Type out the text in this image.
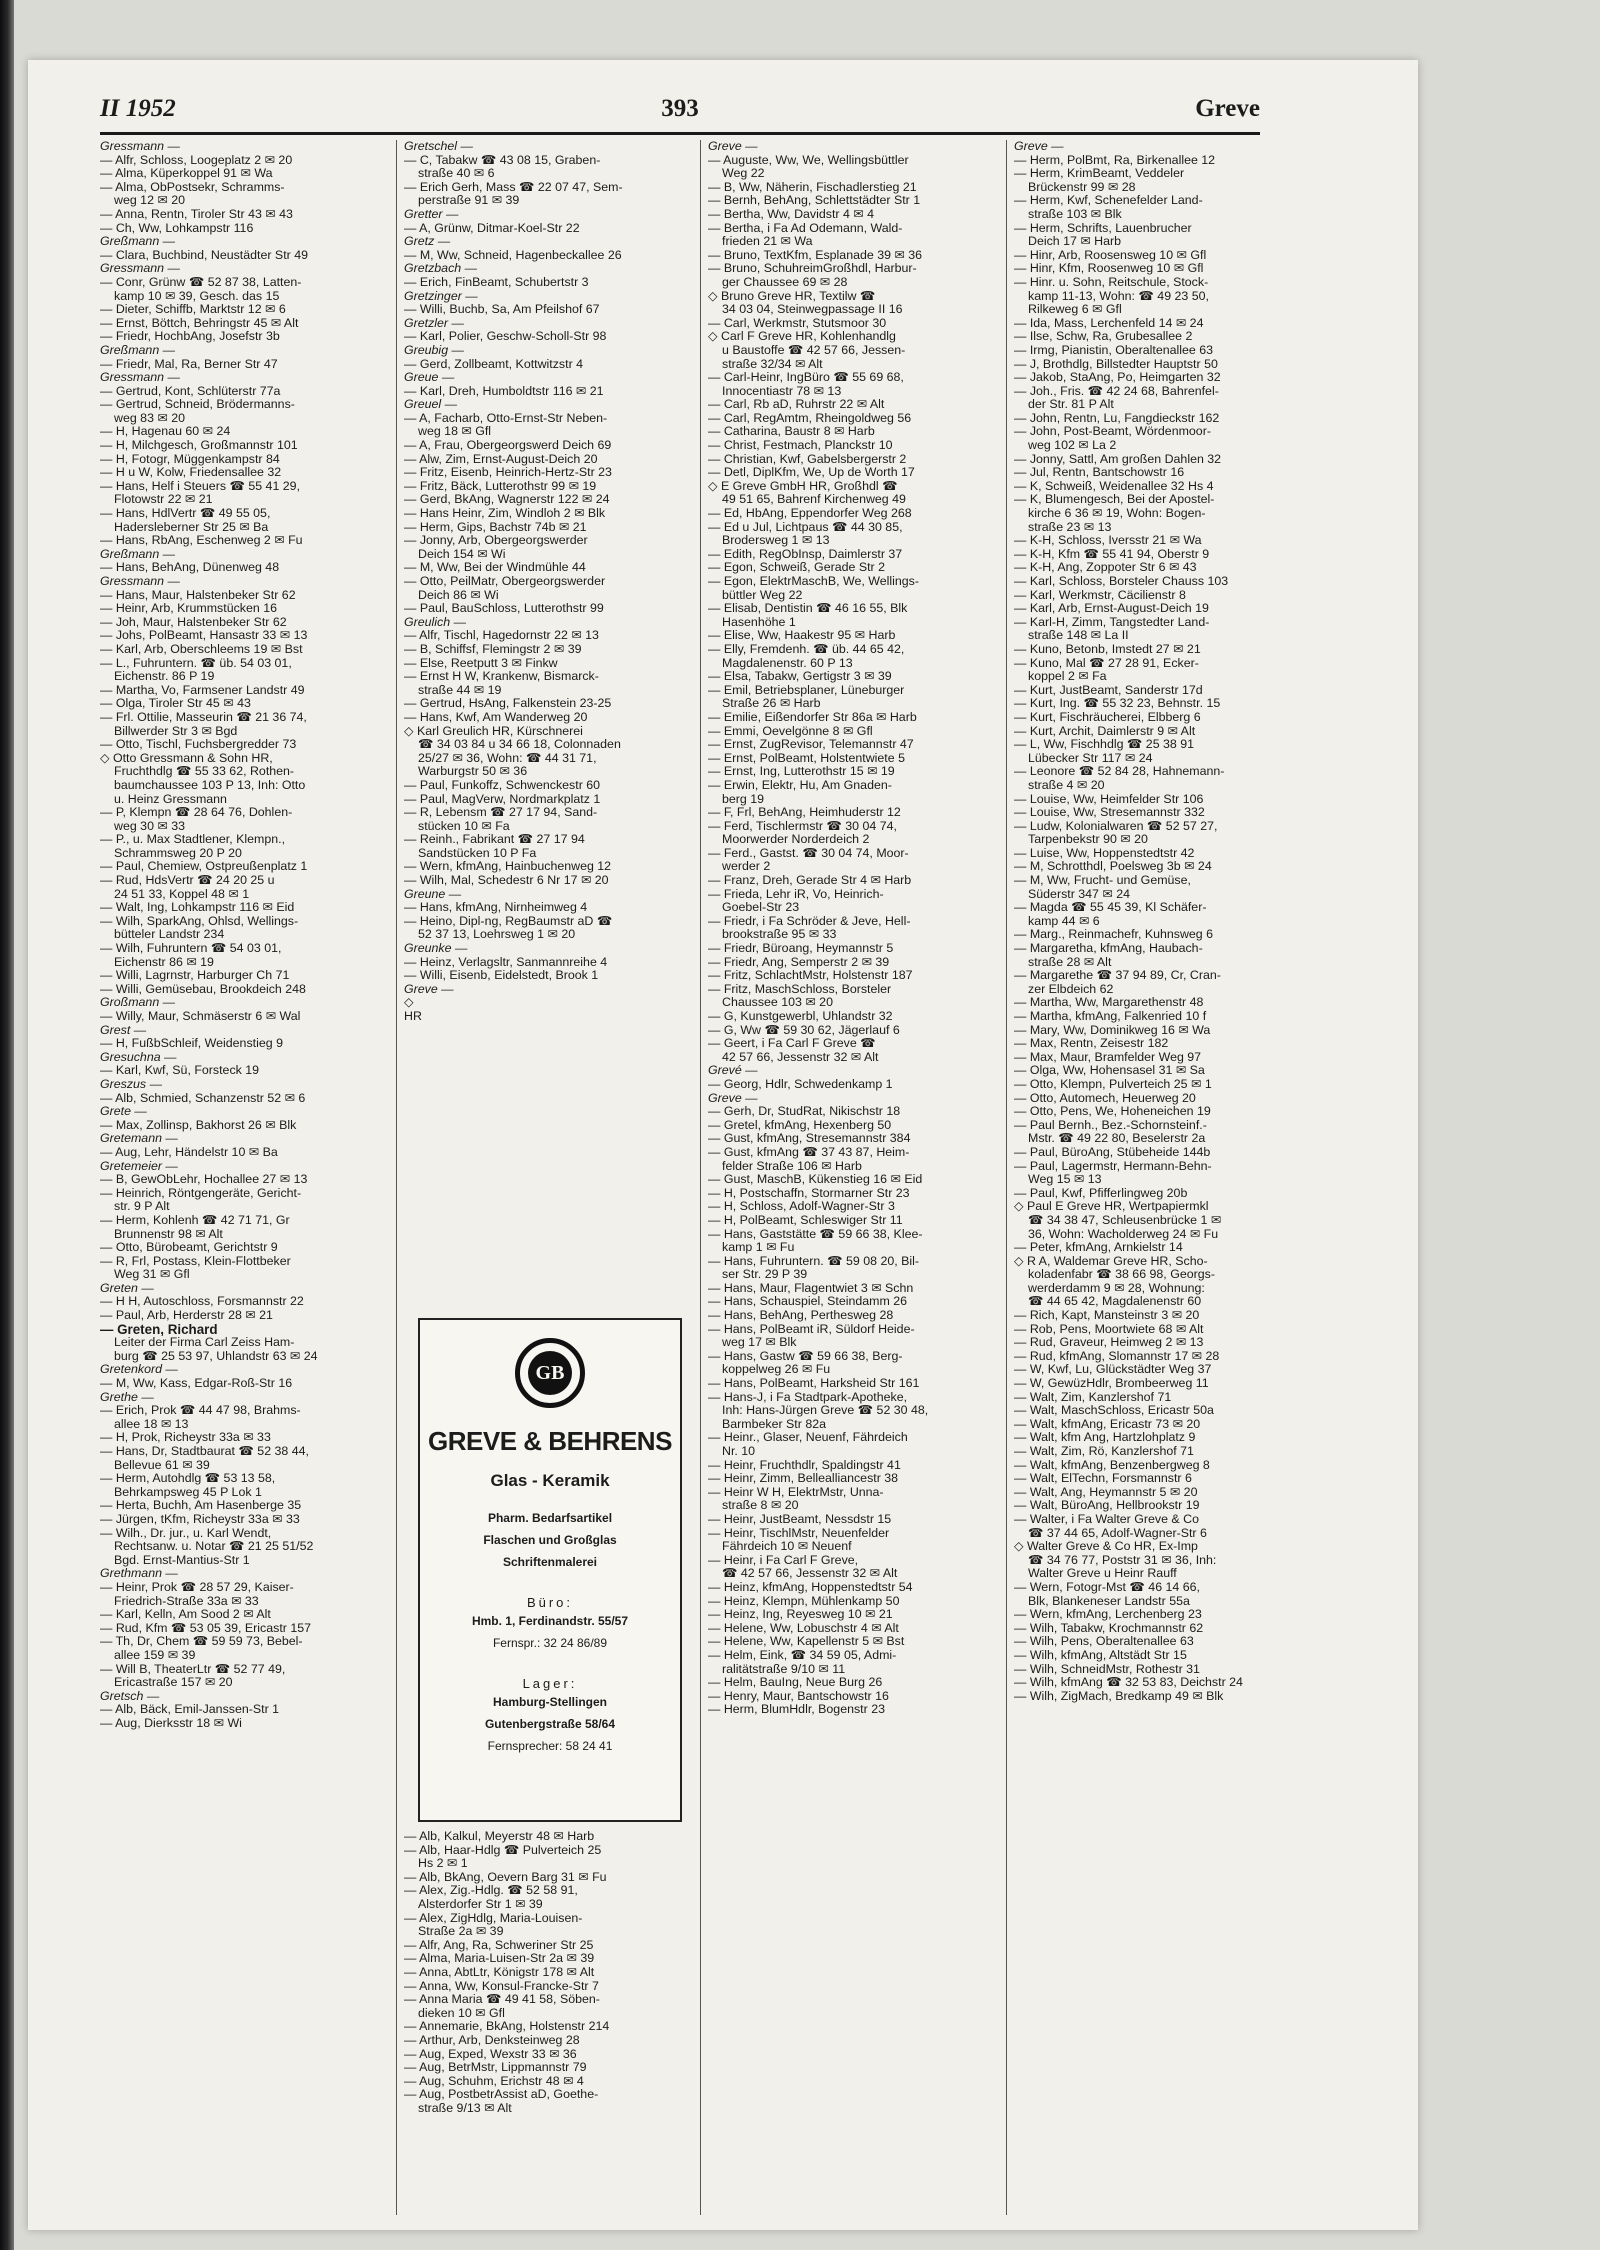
II 1952	393	Greve
Gressmann —
— Alfr, Schloss, Loogeplatz 2 ✉ 20
— Alma, Küperkoppel 91 ✉ Wa
— Alma, ObPostsekr, Schramms-
weg 12 ✉ 20
— Anna, Rentn, Tiroler Str 43 ✉ 43
— Ch, Ww, Lohkampstr 116
Greßmann —
— Clara, Buchbind, Neustädter Str 49
Gressmann —
— Conr, Grünw ☎ 52 87 38, Latten-
kamp 10 ✉ 39, Gesch. das 15
— Dieter, Schiffb, Marktstr 12 ✉ 6
— Ernst, Böttch, Behringstr 45 ✉ Alt
— Friedr, HochbAng, Josefstr 3b
Greßmann —
— Friedr, Mal, Ra, Berner Str 47
Gressmann —
— Gertrud, Kont, Schlüterstr 77a
— Gertrud, Schneid, Brödermanns-
weg 83 ✉ 20
— H, Hagenau 60 ✉ 24
— H, Milchgesch, Großmannstr 101
— H, Fotogr, Müggenkampstr 84
— H u W, Kolw, Friedensallee 32
— Hans, Helf i Steuers ☎ 55 41 29,
Flotowstr 22 ✉ 21
— Hans, HdlVertr ☎ 49 55 05,
Hadersleberner Str 25 ✉ Ba
— Hans, RbAng, Eschenweg 2 ✉ Fu
Greßmann —
— Hans, BehAng, Dünenweg 48
Gressmann —
— Hans, Maur, Halstenbeker Str 62
— Heinr, Arb, Krummstücken 16
— Joh, Maur, Halstenbeker Str 62
— Johs, PolBeamt, Hansastr 33 ✉ 13
— Karl, Arb, Oberschleems 19 ✉ Bst
— L., Fuhruntern. ☎ üb. 54 03 01,
Eichenstr. 86 P 19
— Martha, Vo, Farmsener Landstr 49
— Olga, Tiroler Str 45 ✉ 43
— Frl. Ottilie, Masseurin ☎ 21 36 74,
Billwerder Str 3 ✉ Bgd
— Otto, Tischl, Fuchsbergredder 73
◇ Otto Gressmann & Sohn HR,
Fruchthdlg ☎ 55 33 62, Rothen-
baumchaussee 103 P 13, Inh: Otto
u. Heinz Gressmann
— P, Klempn ☎ 28 64 76, Dohlen-
weg 30 ✉ 33
— P., u. Max Stadtlener, Klempn.,
Schrammsweg 20 P 20
— Paul, Chemiew, Ostpreußenplatz 1
— Rud, HdsVertr ☎ 24 20 25 u
24 51 33, Koppel 48 ✉ 1
— Walt, Ing, Lohkampstr 116 ✉ Eid
— Wilh, SparkAng, Ohlsd, Wellings-
bütteler Landstr 234
— Wilh, Fuhruntern ☎ 54 03 01,
Eichenstr 86 ✉ 19
— Willi, Lagrnstr, Harburger Ch 71
— Willi, Gemüsebau, Brookdeich 248
Großmann —
— Willy, Maur, Schmäserstr 6 ✉ Wal
Grest —
— H, FußbSchleif, Weidenstieg 9
Gresuchna —
— Karl, Kwf, Sü, Forsteck 19
Greszus —
— Alb, Schmied, Schanzenstr 52 ✉ 6
Grete —
— Max, Zollinsp, Bakhorst 26 ✉ Blk
Gretemann —
— Aug, Lehr, Händelstr 10 ✉ Ba
Gretemeier —
— B, GewObLehr, Hochallee 27 ✉ 13
— Heinrich, Röntgengeräte, Gericht-
str. 9 P Alt
— Herm, Kohlenh ☎ 42 71 71, Gr
Brunnenstr 98 ✉ Alt
— Otto, Bürobeamt, Gerichtstr 9
— R, Frl, Postass, Klein-Flottbeker
Weg 31 ✉ Gfl
Greten —
— H H, Autoschloss, Forsmannstr 22
— Paul, Arb, Herderstr 28 ✉ 21
— Greten, Richard
Leiter der Firma Carl Zeiss Ham-
burg ☎ 25 53 97, Uhlandstr 63 ✉ 24
Gretenkord —
— M, Ww, Kass, Edgar-Roß-Str 16
Grethe —
— Erich, Prok ☎ 44 47 98, Brahms-
allee 18 ✉ 13
— H, Prok, Richeystr 33a ✉ 33
— Hans, Dr, Stadtbaurat ☎ 52 38 44,
Bellevue 61 ✉ 39
— Herm, Autohdlg ☎ 53 13 58,
Behrkampsweg 45 P Lok 1
— Herta, Buchh, Am Hasenberge 35
— Jürgen, tKfm, Richeystr 33a ✉ 33
— Wilh., Dr. jur., u. Karl Wendt,
Rechtsanw. u. Notar ☎ 21 25 51/52
Bgd. Ernst-Mantius-Str 1
Grethmann —
— Heinr, Prok ☎ 28 57 29, Kaiser-
Friedrich-Straße 33a ✉ 33
— Karl, Kelln, Am Sood 2 ✉ Alt
— Rud, Kfm ☎ 53 05 39, Ericastr 157
— Th, Dr, Chem ☎ 59 59 73, Bebel-
allee 159 ✉ 39
— Will B, TheaterLtr ☎ 52 77 49,
Ericastraße 157 ✉ 20
Gretsch —
— Alb, Bäck, Emil-Janssen-Str 1
— Aug, Dierksstr 18 ✉ Wi
Gretschel —
— C, Tabakw ☎ 43 08 15, Graben-
straße 40 ✉ 6
— Erich Gerh, Mass ☎ 22 07 47, Sem-
perstraße 91 ✉ 39
Gretter —
— A, Grünw, Ditmar-Koel-Str 22
Gretz —
— M, Ww, Schneid, Hagenbeckallee 26
Gretzbach —
— Erich, FinBeamt, Schubertstr 3
Gretzinger —
— Willi, Buchb, Sa, Am Pfeilshof 67
Gretzler —
— Karl, Polier, Geschw-Scholl-Str 98
Greubig —
— Gerd, Zollbeamt, Kottwitzstr 4
Greue —
— Karl, Dreh, Humboldtstr 116 ✉ 21
Greuel —
— A, Facharb, Otto-Ernst-Str Neben-
weg 18 ✉ Gfl
— A, Frau, Obergeorgswerd Deich 69
— Alw, Zim, Ernst-August-Deich 20
— Fritz, Eisenb, Heinrich-Hertz-Str 23
— Fritz, Bäck, Lutterothstr 99 ✉ 19
— Gerd, BkAng, Wagnerstr 122 ✉ 24
— Hans Heinr, Zim, Windloh 2 ✉ Blk
— Herm, Gips, Bachstr 74b ✉ 21
— Jonny, Arb, Obergeorgswerder
Deich 154 ✉ Wi
— M, Ww, Bei der Windmühle 44
— Otto, PeilMatr, Obergeorgswerder
Deich 86 ✉ Wi
— Paul, BauSchloss, Lutterothstr 99
Greulich —
— Alfr, Tischl, Hagedornstr 22 ✉ 13
— B, Schiffsf, Flemingstr 2 ✉ 39
— Else, Reetputt 3 ✉ Finkw
— Ernst H W, Krankenw, Bismarck-
straße 44 ✉ 19
— Gertrud, HsAng, Falkenstein 23-25
— Hans, Kwf, Am Wanderweg 20
◇ Karl Greulich HR, Kürschnerei
☎ 34 03 84 u 34 66 18, Colonnaden
25/27 ✉ 36, Wohn: ☎ 44 31 71,
Warburgstr 50 ✉ 36
— Paul, Funkoffz, Schwenckestr 60
— Paul, MagVerw, Nordmarkplatz 1
— R, Lebensm ☎ 27 17 94, Sand-
stücken 10 ✉ Fa
— Reinh., Fabrikant ☎ 27 17 94
Sandstücken 10 P Fa
— Wern, kfmAng, Hainbuchenweg 12
— Wilh, Mal, Schedestr 6 Nr 17 ✉ 20
Greune —
— Hans, kfmAng, Nirnheimweg 4
— Heino, Dipl-ng, RegBaumstr aD ☎
52 37 13, Loehrsweg 1 ✉ 20
Greunke —
— Heinz, Verlagsltr, Sanmannreihe 4
— Willi, Eisenb, Eidelstedt, Brook 1
Greve —
◇
HR
Greve —
— Auguste, Ww, We, Wellingsbüttler
Weg 22
— B, Ww, Näherin, Fischadlerstieg 21
— Bernh, BehAng, Schlettstädter Str 1
— Bertha, Ww, Davidstr 4 ✉ 4
— Bertha, i Fa Ad Odemann, Wald-
frieden 21 ✉ Wa
— Bruno, TextKfm, Esplanade 39 ✉ 36
— Bruno, SchuhreimGroßhdl, Harbur-
ger Chaussee 69 ✉ 28
◇ Bruno Greve HR, Textilw ☎
34 03 04, Steinwegpassage II 16
— Carl, Werkmstr, Stutsmoor 30
◇ Carl F Greve HR, Kohlenhandlg
u Baustoffe ☎ 42 57 66, Jessen-
straße 32/34 ✉ Alt
— Carl-Heinr, IngBüro ☎ 55 69 68,
Innocentiastr 78 ✉ 13
— Carl, Rb aD, Ruhrstr 22 ✉ Alt
— Carl, RegAmtm, Rheingoldweg 56
— Catharina, Baustr 8 ✉ Harb
— Christ, Festmach, Planckstr 10
— Christian, Kwf, Gabelsbergerstr 2
— Detl, DiplKfm, We, Up de Worth 17
◇ E Greve GmbH HR, Großhdl ☎
49 51 65, Bahrenf Kirchenweg 49
— Ed, HbAng, Eppendorfer Weg 268
— Ed u Jul, Lichtpaus ☎ 44 30 85,
Brodersweg 1 ✉ 13
— Edith, RegObInsp, Daimlerstr 37
— Egon, Schweiß, Gerade Str 2
— Egon, ElektrMaschB, We, Wellings-
büttler Weg 22
— Elisab, Dentistin ☎ 46 16 55, Blk
Hasenhöhe 1
— Elise, Ww, Haakestr 95 ✉ Harb
— Elly, Fremdenh. ☎ üb. 44 65 42,
Magdalenenstr. 60 P 13
— Elsa, Tabakw, Gertigstr 3 ✉ 39
— Emil, Betriebsplaner, Lüneburger
Straße 26 ✉ Harb
— Emilie, Eißendorfer Str 86a ✉ Harb
— Emmi, Oevelgönne 8 ✉ Gfl
— Ernst, ZugRevisor, Telemannstr 47
— Ernst, PolBeamt, Holstentwiete 5
— Ernst, Ing, Lutterothstr 15 ✉ 19
— Erwin, Elektr, Hu, Am Gnaden-
berg 19
— F, Frl, BehAng, Heimhuderstr 12
— Ferd, Tischlermstr ☎ 30 04 74,
Moorwerder Norderdeich 2
— Ferd., Gastst. ☎ 30 04 74, Moor-
werder 2
— Franz, Dreh, Gerade Str 4 ✉ Harb
— Frieda, Lehr iR, Vo, Heinrich-
Goebel-Str 23
— Friedr, i Fa Schröder & Jeve, Hell-
brookstraße 95 ✉ 33
— Friedr, Büroang, Heymannstr 5
— Friedr, Ang, Semperstr 2 ✉ 39
— Fritz, SchlachtMstr, Holstenstr 187
— Fritz, MaschSchloss, Borsteler
Chaussee 103 ✉ 20
— G, Kunstgewerbl, Uhlandstr 32
— G, Ww ☎ 59 30 62, Jägerlauf 6
— Geert, i Fa Carl F Greve ☎
42 57 66, Jessenstr 32 ✉ Alt
Grevé —
— Georg, Hdlr, Schwedenkamp 1
Greve —
— Gerh, Dr, StudRat, Nikischstr 18
— Gretel, kfmAng, Hexenberg 50
— Gust, kfmAng, Stresemannstr 384
— Gust, kfmAng ☎ 37 43 87, Heim-
felder Straße 106 ✉ Harb
— Gust, MaschB, Kükenstieg 16 ✉ Eid
— H, Postschaffn, Stormarner Str 23
— H, Schloss, Adolf-Wagner-Str 3
— H, PolBeamt, Schleswiger Str 11
— Hans, Gaststätte ☎ 59 66 38, Klee-
kamp 1 ✉ Fu
— Hans, Fuhruntern. ☎ 59 08 20, Bil-
ser Str. 29 P 39
— Hans, Maur, Flagentwiet 3 ✉ Schn
— Hans, Schauspiel, Steindamm 26
— Hans, BehAng, Perthesweg 28
— Hans, PolBeamt iR, Süldorf Heide-
weg 17 ✉ Blk
— Hans, Gastw ☎ 59 66 38, Berg-
koppelweg 26 ✉ Fu
— Hans, PolBeamt, Harksheid Str 161
— Hans-J, i Fa Stadtpark-Apotheke,
Inh: Hans-Jürgen Greve ☎ 52 30 48,
Barmbeker Str 82a
— Heinr., Glaser, Neuenf, Fährdeich
Nr. 10
— Heinr, Fruchthdlr, Spaldingstr 41
— Heinr, Zimm, Bellealliancestr 38
— Heinr W H, ElektrMstr, Unna-
straße 8 ✉ 20
— Heinr, JustBeamt, Nessdstr 15
— Heinr, TischlMstr, Neuenfelder
Fährdeich 10 ✉ Neuenf
— Heinr, i Fa Carl F Greve,
☎ 42 57 66, Jessenstr 32 ✉ Alt
— Heinz, kfmAng, Hoppenstedtstr 54
— Heinz, Klempn, Mühlenkamp 50
— Heinz, Ing, Reyesweg 10 ✉ 21
— Helene, Ww, Lobuschstr 4 ✉ Alt
— Helene, Ww, Kapellenstr 5 ✉ Bst
— Helm, Eink, ☎ 34 59 05, Admi-
ralitätstraße 9/10 ✉ 11
— Helm, BauIng, Neue Burg 26
— Henry, Maur, Bantschowstr 16
— Herm, BlumHdlr, Bogenstr 23
Greve —
— Herm, PolBmt, Ra, Birkenallee 12
— Herm, KrimBeamt, Veddeler
Brückenstr 99 ✉ 28
— Herm, Kwf, Schenefelder Land-
straße 103 ✉ Blk
— Herm, Schrifts, Lauenbrucher
Deich 17 ✉ Harb
— Hinr, Arb, Roosensweg 10 ✉ Gfl
— Hinr, Kfm, Roosenweg 10 ✉ Gfl
— Hinr. u. Sohn, Reitschule, Stock-
kamp 11-13, Wohn: ☎ 49 23 50,
Rilkeweg 6 ✉ Gfl
— Ida, Mass, Lerchenfeld 14 ✉ 24
— Ilse, Schw, Ra, Grubesallee 2
— Irmg, Pianistin, Oberaltenallee 63
— J, Brothdlg, Billstedter Hauptstr 50
— Jakob, StaAng, Po, Heimgarten 32
— Joh., Fris. ☎ 42 24 68, Bahrenfel-
der Str. 81 P Alt
— John, Rentn, Lu, Fangdieckstr 162
— John, Post-Beamt, Wördenmoor-
weg 102 ✉ La 2
— Jonny, Sattl, Am großen Dahlen 32
— Jul, Rentn, Bantschowstr 16
— K, Schweiß, Weidenallee 32 Hs 4
— K, Blumengesch, Bei der Apostel-
kirche 6 36 ✉ 19, Wohn: Bogen-
straße 23 ✉ 13
— K-H, Schloss, Iversstr 21 ✉ Wa
— K-H, Kfm ☎ 55 41 94, Oberstr 9
— K-H, Ang, Zoppoter Str 6 ✉ 43
— Karl, Schloss, Borsteler Chauss 103
— Karl, Werkmstr, Cäcilienstr 8
— Karl, Arb, Ernst-August-Deich 19
— Karl-H, Zimm, Tangstedter Land-
straße 148 ✉ La II
— Kuno, Betonb, Imstedt 27 ✉ 21
— Kuno, Mal ☎ 27 28 91, Ecker-
koppel 2 ✉ Fa
— Kurt, JustBeamt, Sanderstr 17d
— Kurt, Ing. ☎ 55 32 23, Behnstr. 15
— Kurt, Fischräucherei, Elbberg 6
— Kurt, Archit, Daimlerstr 9 ✉ Alt
— L, Ww, Fischhdlg ☎ 25 38 91
Lübecker Str 117 ✉ 24
— Leonore ☎ 52 84 28, Hahnemann-
straße 4 ✉ 20
— Louise, Ww, Heimfelder Str 106
— Louise, Ww, Stresemannstr 332
— Ludw, Kolonialwaren ☎ 52 57 27,
Tarpenbekstr 90 ✉ 20
— Luise, Ww, Hoppenstedtstr 42
— M, Schrotthdl, Poelsweg 3b ✉ 24
— M, Ww, Frucht- und Gemüse,
Süderstr 347 ✉ 24
— Magda ☎ 55 45 39, Kl Schäfer-
kamp 44 ✉ 6
— Marg., Reinmachefr, Kuhnsweg 6
— Margaretha, kfmAng, Haubach-
straße 28 ✉ Alt
— Margarethe ☎ 37 94 89, Cr, Cran-
zer Elbdeich 62
— Martha, Ww, Margarethenstr 48
— Martha, kfmAng, Falkenried 10 f
— Mary, Ww, Dominikweg 16 ✉ Wa
— Max, Rentn, Zeisestr 182
— Max, Maur, Bramfelder Weg 97
— Olga, Ww, Hohensasel 31 ✉ Sa
— Otto, Klempn, Pulverteich 25 ✉ 1
— Otto, Automech, Heuerweg 20
— Otto, Pens, We, Hoheneichen 19
— Paul Bernh., Bez.-Schornsteinf.-
Mstr. ☎ 49 22 80, Beselerstr 2a
— Paul, BüroAng, Stübeheide 144b
— Paul, Lagermstr, Hermann-Behn-
Weg 15 ✉ 13
— Paul, Kwf, Pfifferlingweg 20b
◇ Paul E Greve HR, Wertpapiermkl
☎ 34 38 47, Schleusenbrücke 1 ✉
36, Wohn: Wacholderweg 24 ✉ Fu
— Peter, kfmAng, Arnkielstr 14
◇ R A, Waldemar Greve HR, Scho-
koladenfabr ☎ 38 66 98, Georgs-
werderdamm 9 ✉ 28, Wohnung:
☎ 44 65 42, Magdalenenstr 60
— Rich, Kapt, Mansteinstr 3 ✉ 20
— Rob, Pens, Moortwiete 68 ✉ Alt
— Rud, Graveur, Heimweg 2 ✉ 13
— Rud, kfmAng, Slomannstr 17 ✉ 28
— W, Kwf, Lu, Glückstädter Weg 37
— W, GewüzHdlr, Brombeerweg 11
— Walt, Zim, Kanzlershof 71
— Walt, MaschSchloss, Ericastr 50a
— Walt, kfmAng, Ericastr 73 ✉ 20
— Walt, kfm Ang, Hartzlohplatz 9
— Walt, Zim, Rö, Kanzlershof 71
— Walt, kfmAng, Benzenbergweg 8
— Walt, ElTechn, Forsmannstr 6
— Walt, Ang, Heymannstr 5 ✉ 20
— Walt, BüroAng, Hellbrookstr 19
— Walter, i Fa Walter Greve & Co
☎ 37 44 65, Adolf-Wagner-Str 6
◇ Walter Greve & Co HR, Ex-Imp
☎ 34 76 77, Poststr 31 ✉ 36, Inh:
Walter Greve u Heinr Rauff
— Wern, Fotogr-Mst ☎ 46 14 66,
Blk, Blankeneser Landstr 55a
— Wern, kfmAng, Lerchenberg 23
— Wilh, Tabakw, Krochmannstr 62
— Wilh, Pens, Oberaltenallee 63
— Wilh, kfmAng, Altstädt Str 15
— Wilh, SchneidMstr, Rothestr 31
— Wilh, kfmAng ☎ 32 53 83, Deichstr 24
— Wilh, ZigMach, Bredkamp 49 ✉ Blk
GB
GREVE & BEHRENS
Glas - Keramik
Pharm. Bedarfsartikel
Flaschen und Großglas
Schriftenmalerei
Büro:
Hmb. 1, Ferdinandstr. 55/57
Fernspr.: 32 24 86/89
Lager:
Hamburg-Stellingen
Gutenbergstraße 58/64
Fernsprecher: 58 24 41
— Alb, Kalkul, Meyerstr 48 ✉ Harb
— Alb, Haar-Hdlg ☎ Pulverteich 25
Hs 2 ✉ 1
— Alb, BkAng, Oevern Barg 31 ✉ Fu
— Alex, Zig.-Hdlg. ☎ 52 58 91,
Alsterdorfer Str 1 ✉ 39
— Alex, ZigHdlg, Maria-Louisen-
Straße 2a ✉ 39
— Alfr, Ang, Ra, Schweriner Str 25
— Alma, Maria-Luisen-Str 2a ✉ 39
— Anna, AbtLtr, Königstr 178 ✉ Alt
— Anna, Ww, Konsul-Francke-Str 7
— Anna Maria ☎ 49 41 58, Söben-
dieken 10 ✉ Gfl
— Annemarie, BkAng, Holstenstr 214
— Arthur, Arb, Denksteinweg 28
— Aug, Exped, Wexstr 33 ✉ 36
— Aug, BetrMstr, Lippmannstr 79
— Aug, Schuhm, Erichstr 48 ✉ 4
— Aug, PostbetrAssist aD, Goethe-
straße 9/13 ✉ Alt
